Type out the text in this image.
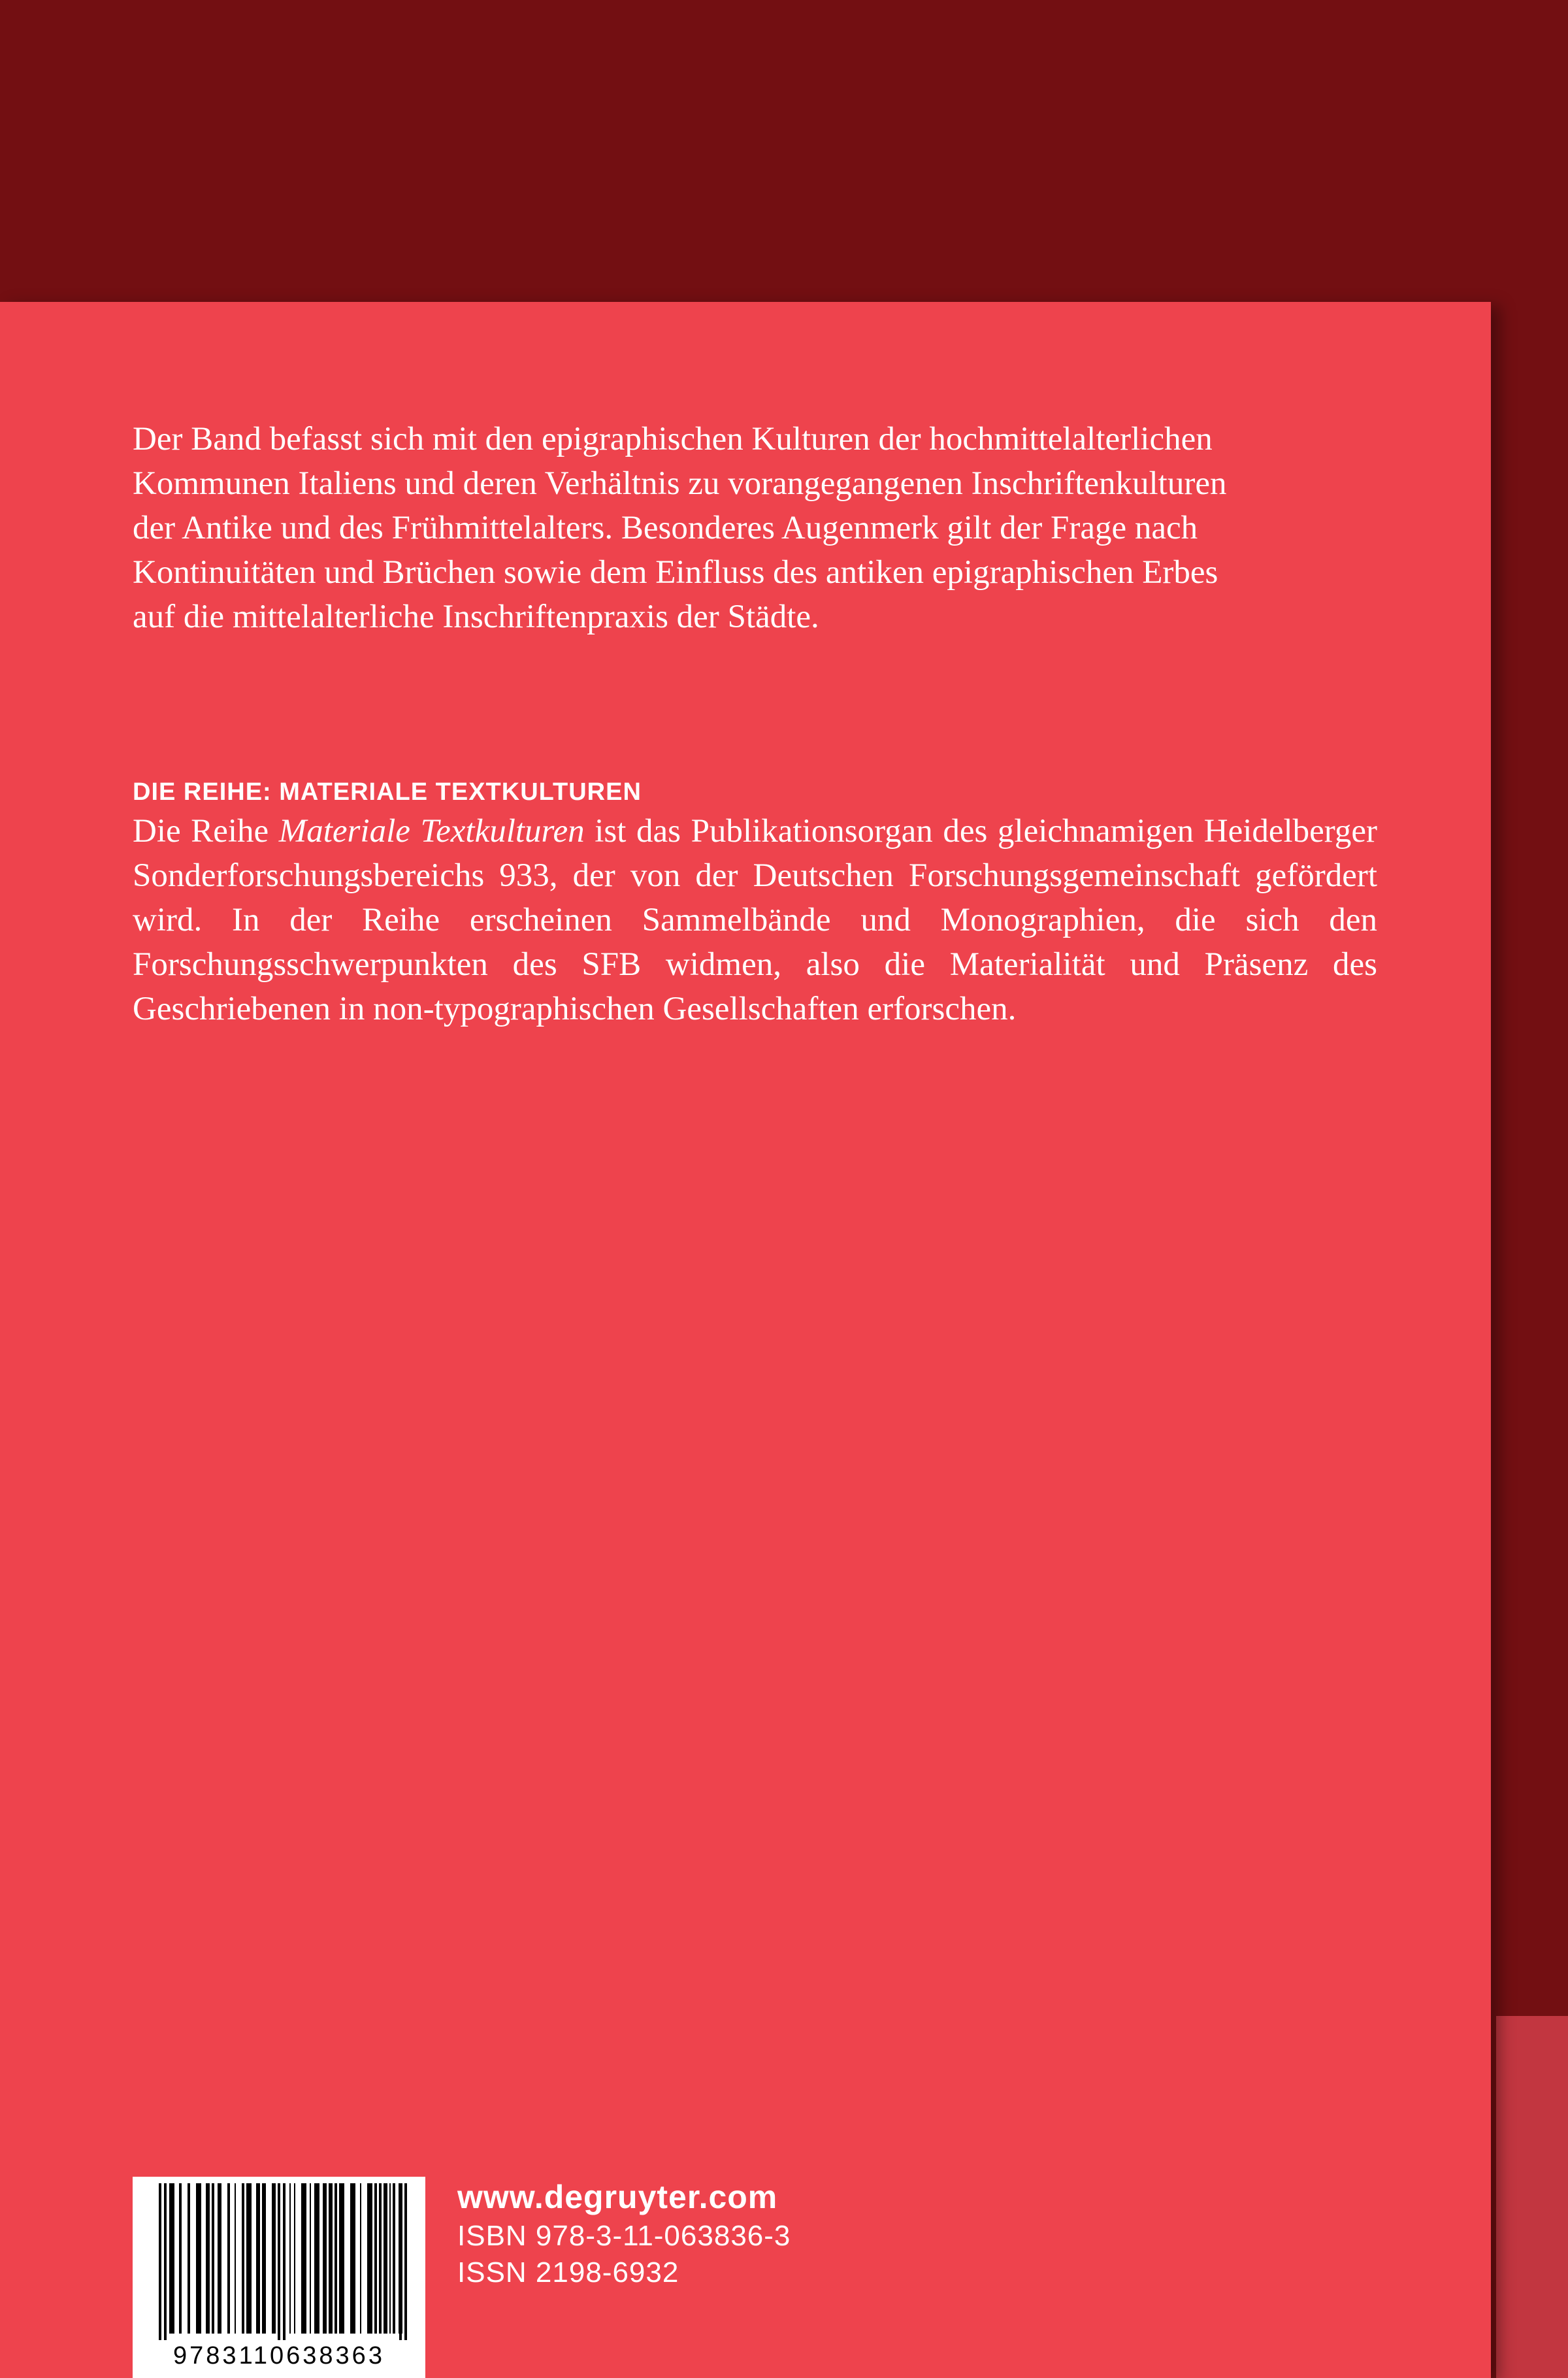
Der Band befasst sich mit den epigraphischen Kulturen der hochmittelalterlichen

Kommunen Italiens und deren Verhältnis zu vorangegangenen Inschriftenkulturen

der Antike und des Frühmittelalters. Besonderes Augenmerk gilt der Frage nach

Kontinuitäten und Brüchen sowie dem Einfluss des antiken epigraphischen Erbes

auf die mittelalterliche Inschriftenpraxis der Städte.

DIE REIHE: MATERIALE TEXTKULTUREN

Die Reihe Materiale Textkulturen ist das Publikationsorgan des gleichnamigen Heidelberger Sonderforschungsbereichs 933, der von der Deutschen Forschungsgemeinschaft gefördert wird. In der Reihe erscheinen Sammelbände und Monographien, die sich den Forschungsschwerpunkten des SFB widmen, also die Materialität und Präsenz des Geschriebenen in non-typographischen Gesellschaften erforschen.

9783110638363
www.degruyter.com
ISBN 978-3-11-063836-3
ISSN 2198-6932
